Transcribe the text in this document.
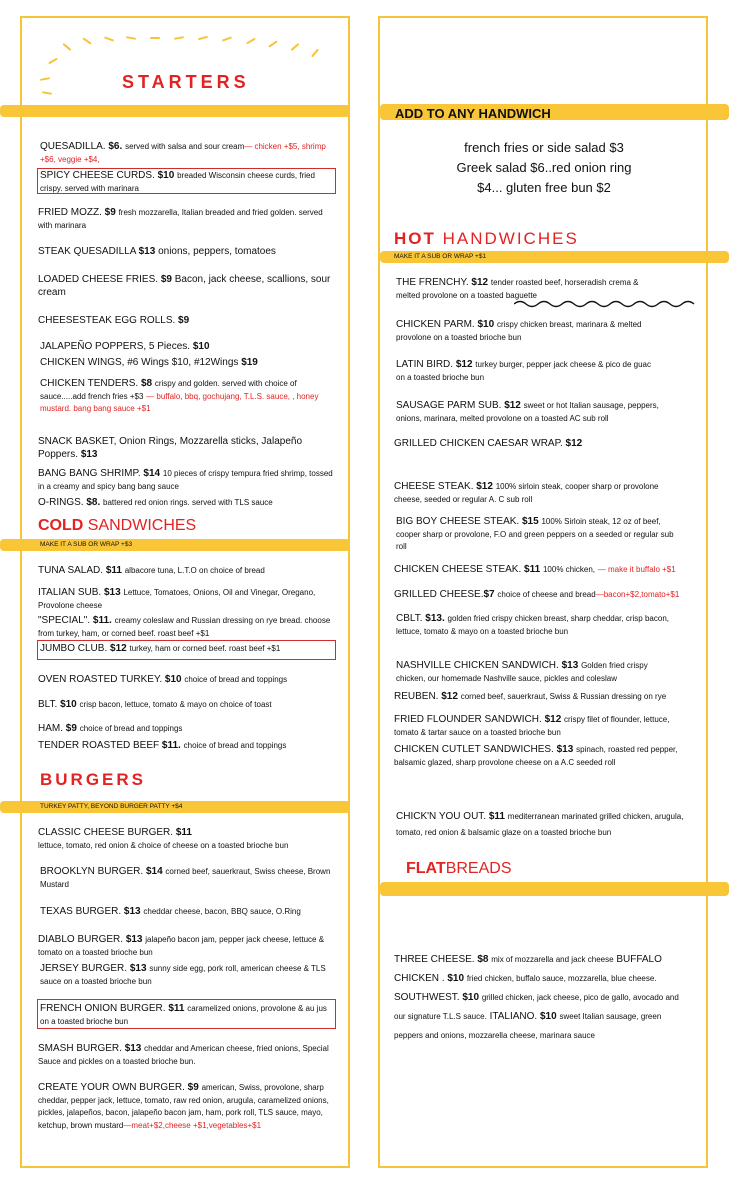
STARTERS
QUESADILLA. $6. served with salsa and sour cream— chicken +$5, shrimp +$6, veggie +$4,
SPICY CHEESE CURDS. $10 breaded Wisconsin cheese curds, fried crispy. served with marinara
FRIED MOZZ. $9 fresh mozzarella, Italian breaded and fried golden. served with marinara
STEAK QUESADILLA $13 onions, peppers, tomatoes
LOADED CHEESE FRIES. $9 Bacon, jack cheese, scallions, sour cream
CHEESESTEAK EGG ROLLS. $9
JALAPEÑO POPPERS, 5 Pieces. $10
CHICKEN WINGS, #6 Wings $10, #12Wings $19
CHICKEN TENDERS. $8 crispy and golden. served with choice of sauce.....add french fries +$3 — buffalo, bbq, gochujang, T.L.S. sauce, , honey mustard. bang bang sauce +$1
SNACK BASKET, Onion Rings, Mozzarella sticks, Jalapeño Poppers. $13
BANG BANG SHRIMP. $14 10 pieces of crispy tempura fried shrimp, tossed in a creamy and spicy bang bang sauce
O-RINGS. $8. battered red onion rings. served with TLS sauce
COLD SANDWICHES
MAKE IT A SUB OR WRAP +$3
TUNA SALAD. $11 albacore tuna, L.T.O on choice of bread
ITALIAN SUB. $13 Lettuce, Tomatoes, Onions, Oil and Vinegar, Oregano, Provolone cheese
"SPECIAL". $11. creamy coleslaw and Russian dressing on rye bread. choose from turkey, ham, or corned beef. roast beef +$1
JUMBO CLUB. $12 turkey, ham or corned beef. roast beef +$1
OVEN ROASTED TURKEY. $10 choice of bread and toppings
BLT. $10 crisp bacon, lettuce, tomato & mayo on choice of toast
HAM. $9 choice of bread and toppings
TENDER ROASTED BEEF $11. choice of bread and toppings
BURGERS
TURKEY PATTY, BEYOND BURGER PATTY +$4
CLASSIC CHEESE BURGER. $11
lettuce, tomato, red onion & choice of cheese on a toasted brioche bun
BROOKLYN BURGER. $14 corned beef, sauerkraut, Swiss cheese, Brown Mustard
TEXAS BURGER. $13 cheddar cheese, bacon, BBQ sauce, O.Ring
DIABLO BURGER. $13 jalapeño bacon jam, pepper jack cheese, lettuce & tomato on a toasted brioche bun
JERSEY BURGER. $13 sunny side egg, pork roll, american cheese & TLS sauce on a toasted brioche bun
FRENCH ONION BURGER. $11 caramelized onions, provolone & au jus on a toasted brioche bun
SMASH BURGER. $13 cheddar and American cheese, fried onions, Special Sauce and pickles on a toasted brioche bun.
CREATE YOUR OWN BURGER. $9 american, Swiss, provolone, sharp cheddar, pepper jack, lettuce, tomato, raw red onion, arugula, caramelized onions, pickles, jalapeños, bacon, jalapeño bacon jam, ham, pork roll, TLS sauce, mayo, ketchup, brown mustard—meat+$2,cheese +$1,vegetables+$1
ADD TO ANY HANDWICH
french fries or side salad $3
Greek salad $6..red onion ring
$4... gluten free bun $2
HOT HANDWICHES
MAKE IT A SUB OR WRAP +$1
THE FRENCHY. $12 tender roasted beef, horseradish crema & melted provolone on a toasted baguette
CHICKEN PARM. $10 crispy chicken breast, marinara & melted provolone on a toasted brioche bun
LATIN BIRD. $12 turkey burger, pepper jack cheese & pico de guac on a toasted brioche bun
SAUSAGE PARM SUB. $12 sweet or hot Italian sausage, peppers, onions, marinara, melted provolone on a toasted AC sub roll
GRILLED CHICKEN CAESAR WRAP. $12
CHEESE STEAK. $12 100% sirloin steak, cooper sharp or provolone cheese, seeded or regular A. C sub roll
BIG BOY CHEESE STEAK. $15 100% Sirloin steak, 12 oz of beef, cooper sharp or provolone, F.O and green peppers on a seeded or regular sub roll
CHICKEN CHEESE STEAK. $11 100% chicken, — make it buffalo +$1
GRILLED CHEESE.$7 choice of cheese and bread—bacon+$2,tomato+$1
CBLT. $13. golden fried crispy chicken breast, sharp cheddar, crisp bacon, lettuce, tomato & mayo on a toasted brioche bun
NASHVILLE CHICKEN SANDWICH. $13 Golden fried crispy chicken, our homemade Nashville sauce, pickles and coleslaw
REUBEN. $12 corned beef, sauerkraut, Swiss & Russian dressing on rye
FRIED FLOUNDER SANDWICH. $12 crispy filet of flounder, lettuce, tomato & tartar sauce on a toasted brioche bun
CHICKEN CUTLET SANDWICHES. $13 spinach, roasted red pepper, balsamic glazed, sharp provolone cheese on a A.C seeded roll
CHICK'N YOU OUT. $11 mediterranean marinated grilled chicken, arugula, tomato, red onion & balsamic glaze on a toasted brioche bun
FLATBREADS
THREE CHEESE. $8 mix of mozzarella and jack cheese BUFFALO CHICKEN . $10 fried chicken, buffalo sauce, mozzarella, blue cheese. SOUTHWEST. $10 grilled chicken, jack cheese, pico de gallo, avocado and our signature T.L.S sauce. ITALIANO. $10 sweet Italian sausage, green peppers and onions, mozzarella cheese, marinara sauce
